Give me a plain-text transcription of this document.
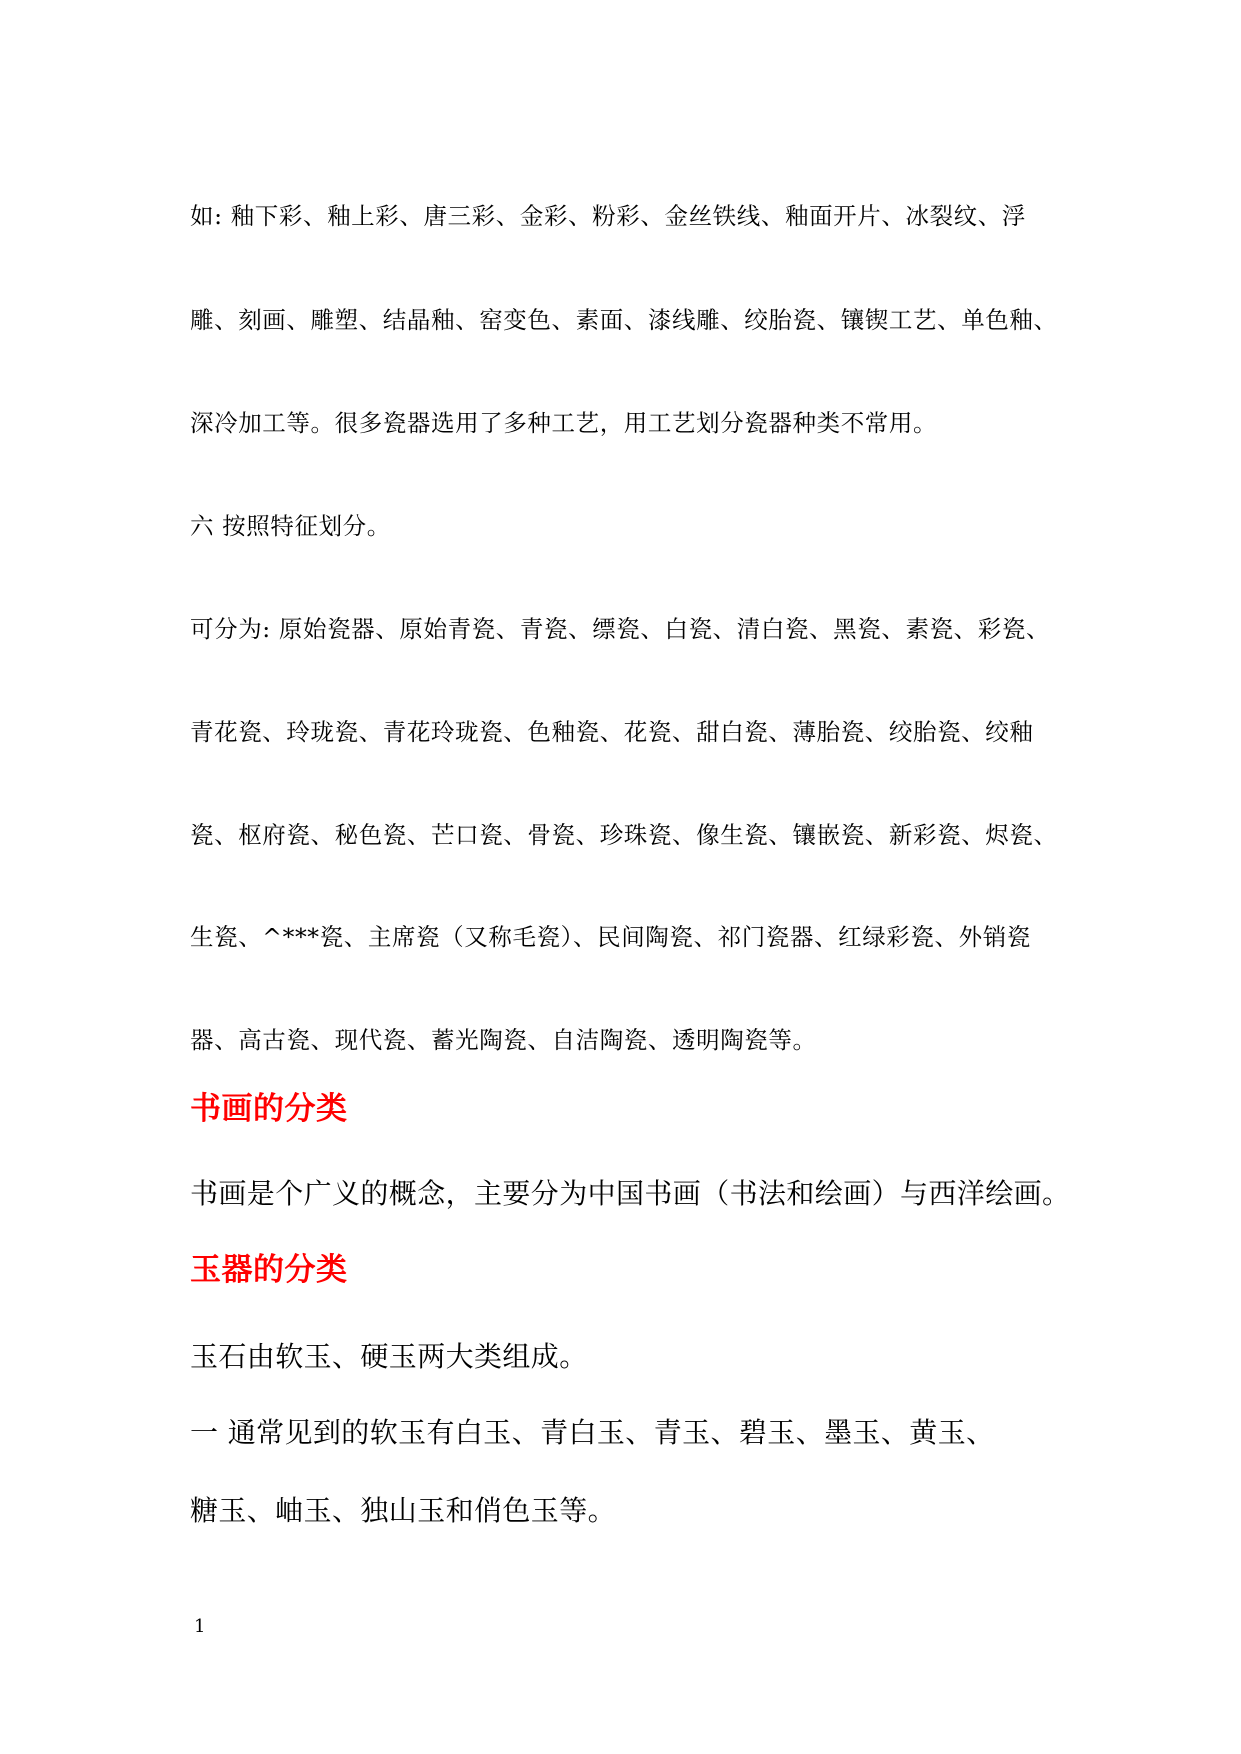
如: 釉下彩、釉上彩、唐三彩、金彩、粉彩、金丝铁线、釉面开片、冰裂纹、浮
雕、刻画、雕塑、结晶釉、窑变色、素面、漆线雕、绞胎瓷、镶锲工艺、单色釉、
深冷加工等。很多瓷器选用了多种工艺，用工艺划分瓷器种类不常用。
六 按照特征划分。
可分为: 原始瓷器、原始青瓷、青瓷、缥瓷、白瓷、清白瓷、黑瓷、素瓷、彩瓷、
青花瓷、玲珑瓷、青花玲珑瓷、色釉瓷、花瓷、甜白瓷、薄胎瓷、绞胎瓷、绞釉
瓷、枢府瓷、秘色瓷、芒口瓷、骨瓷、珍珠瓷、像生瓷、镶嵌瓷、新彩瓷、烬瓷、
生瓷、^***瓷、主席瓷（又称毛瓷）、民间陶瓷、祁门瓷器、红绿彩瓷、外销瓷
器、高古瓷、现代瓷、蓄光陶瓷、自洁陶瓷、透明陶瓷等。
书画的分类
书画是个广义的概念，主要分为中国书画（书法和绘画）与西洋绘画。
玉器的分类
玉石由软玉、硬玉两大类组成。
一 通常见到的软玉有白玉、青白玉、青玉、碧玉、墨玉、黄玉、
糖玉、岫玉、独山玉和俏色玉等。
1
